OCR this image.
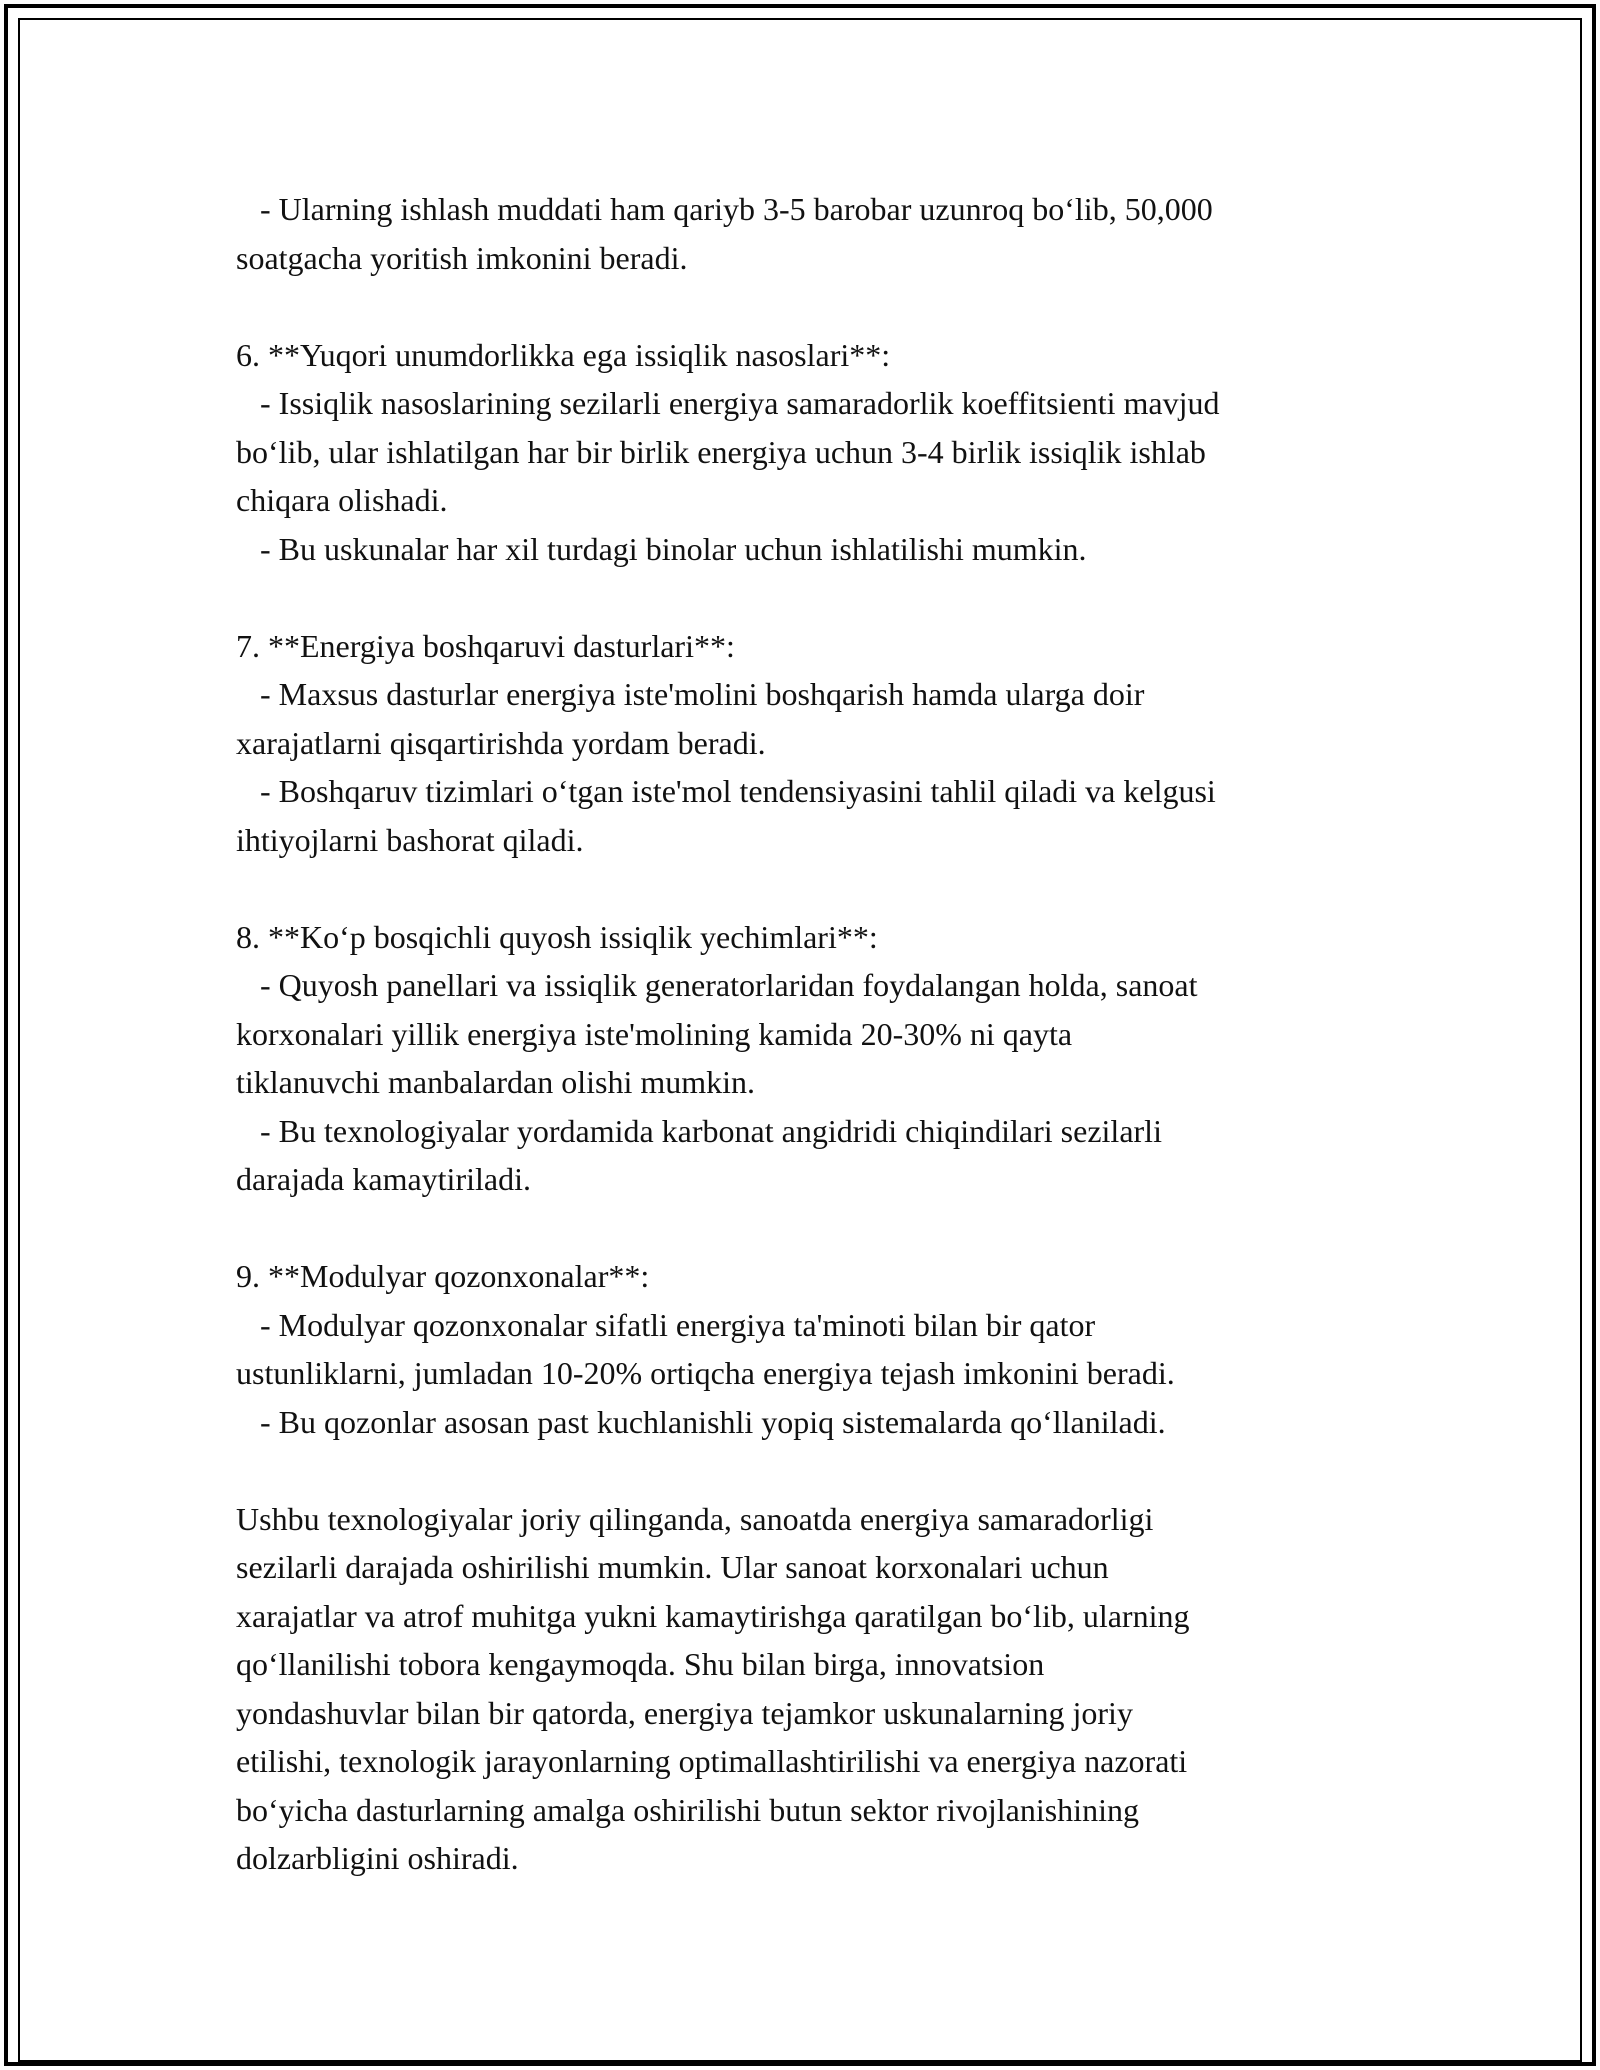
- Ularning ishlash muddati ham qariyb 3-5 barobar uzunroq bo‘lib, 50,000
soatgacha yoritish imkonini beradi.
6. **Yuqori unumdorlikka ega issiqlik nasoslari**:
- Issiqlik nasoslarining sezilarli energiya samaradorlik koeffitsienti mavjud
bo‘lib, ular ishlatilgan har bir birlik energiya uchun 3-4 birlik issiqlik ishlab
chiqara olishadi.
- Bu uskunalar har xil turdagi binolar uchun ishlatilishi mumkin.
7. **Energiya boshqaruvi dasturlari**:
- Maxsus dasturlar energiya iste'molini boshqarish hamda ularga doir
xarajatlarni qisqartirishda yordam beradi.
- Boshqaruv tizimlari o‘tgan iste'mol tendensiyasini tahlil qiladi va kelgusi
ihtiyojlarni bashorat qiladi.
8. **Ko‘p bosqichli quyosh issiqlik yechimlari**:
- Quyosh panellari va issiqlik generatorlaridan foydalangan holda, sanoat
korxonalari yillik energiya iste'molining kamida 20-30% ni qayta
tiklanuvchi manbalardan olishi mumkin.
- Bu texnologiyalar yordamida karbonat angidridi chiqindilari sezilarli
darajada kamaytiriladi.
9. **Modulyar qozonxonalar**:
- Modulyar qozonxonalar sifatli energiya ta'minoti bilan bir qator
ustunliklarni, jumladan 10-20% ortiqcha energiya tejash imkonini beradi.
- Bu qozonlar asosan past kuchlanishli yopiq sistemalarda qo‘llaniladi.
Ushbu texnologiyalar joriy qilinganda, sanoatda energiya samaradorligi
sezilarli darajada oshirilishi mumkin. Ular sanoat korxonalari uchun
xarajatlar va atrof muhitga yukni kamaytirishga qaratilgan bo‘lib, ularning
qo‘llanilishi tobora kengaymoqda. Shu bilan birga, innovatsion
yondashuvlar bilan bir qatorda, energiya tejamkor uskunalarning joriy
etilishi, texnologik jarayonlarning optimallashtirilishi va energiya nazorati
bo‘yicha dasturlarning amalga oshirilishi butun sektor rivojlanishining
dolzarbligini oshiradi.
